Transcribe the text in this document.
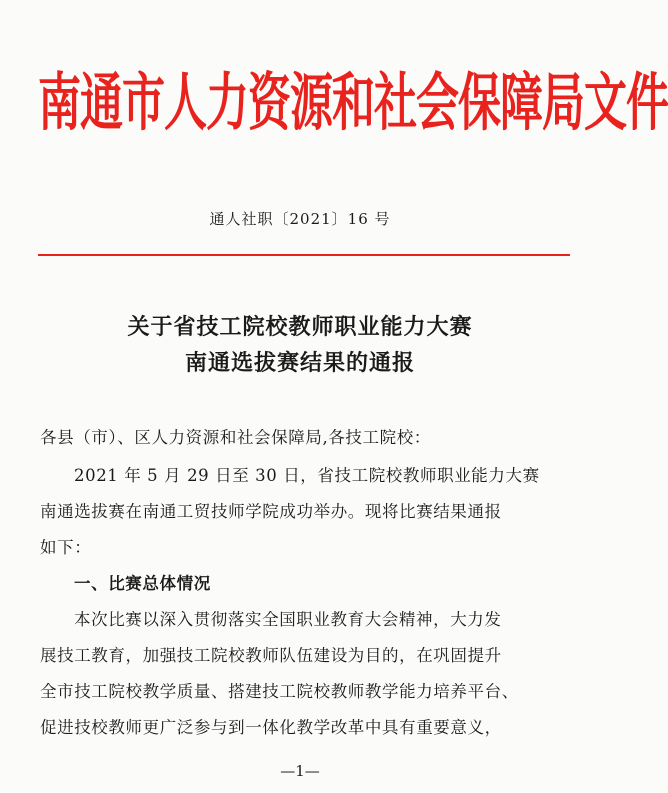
南通市人力资源和社会保障局文件
通人社职〔2021〕16 号
关于省技工院校教师职业能力大赛
南通选拔赛结果的通报
各县（市）、区人力资源和社会保障局,各技工院校：
2021 年 5 月 29 日至 30 日，省技工院校教师职业能力大赛
南通选拔赛在南通工贸技师学院成功举办。现将比赛结果通报
如下：
一、比赛总体情况
本次比赛以深入贯彻落实全国职业教育大会精神，大力发
展技工教育，加强技工院校教师队伍建设为目的，在巩固提升
全市技工院校教学质量、搭建技工院校教师教学能力培养平台、
促进技校教师更广泛参与到一体化教学改革中具有重要意义，
—1—
